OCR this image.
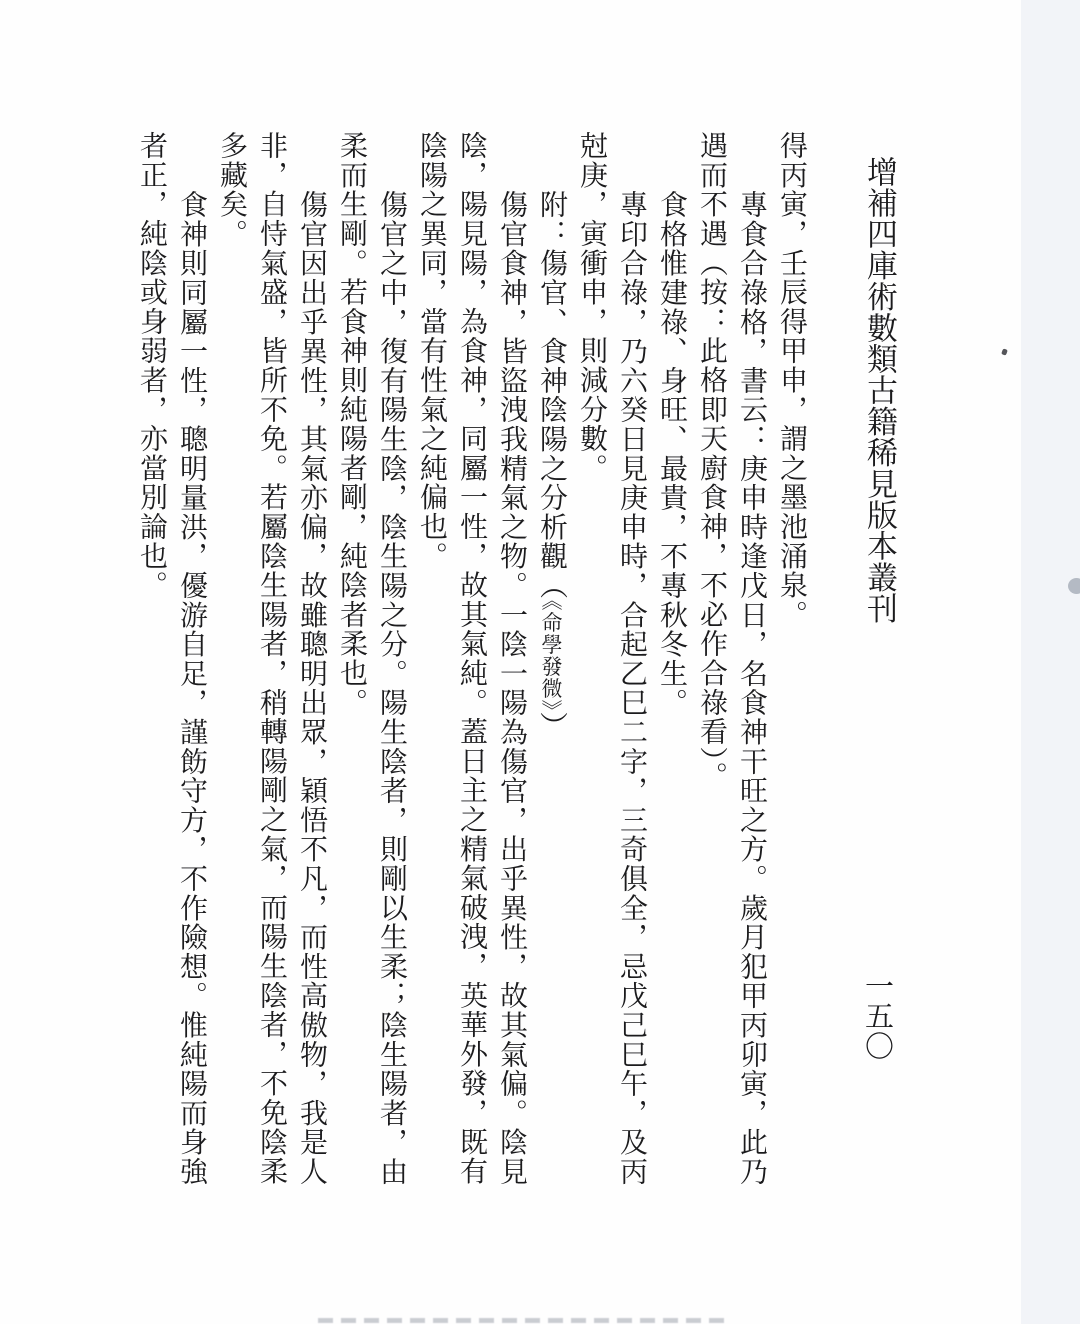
增補四庫術數類古籍稀見版本叢刊
一五〇
得丙寅，壬辰得甲申，謂之墨池涌泉。
專食合祿格，書云：庚申時逢戊日，名食神干旺之方。歲月犯甲丙卯寅，此乃
遇而不遇（按：此格即天廚食神，不必作合祿看）。
食格惟建祿、身旺、最貴，不專秋冬生。
專印合祿，乃六癸日見庚申時，合起乙巳二字，三奇俱全，忌戊己巳午，及丙
尅庚，寅衝申，則減分數。
附：傷官、食神陰陽之分析觀（《命學發微》）
傷官食神，皆盜洩我精氣之物。一陰一陽為傷官，出乎異性，故其氣偏。陰見
陰，陽見陽，為食神，同屬一性，故其氣純。蓋日主之精氣破洩，英華外發，既有
陰陽之異同，當有性氣之純偏也。
傷官之中，復有陽生陰，陰生陽之分。陽生陰者，則剛以生柔；陰生陽者，由
柔而生剛。若食神則純陽者剛，純陰者柔也。
傷官因出乎異性，其氣亦偏，故雖聰明出眾，穎悟不凡，而性高傲物，我是人
非，自恃氣盛，皆所不免。若屬陰生陽者，稍轉陽剛之氣，而陽生陰者，不免陰柔
多藏矣。
食神則同屬一性，聰明量洪，優游自足，謹飭守方，不作險想。惟純陽而身強
者正，純陰或身弱者，亦當別論也。
